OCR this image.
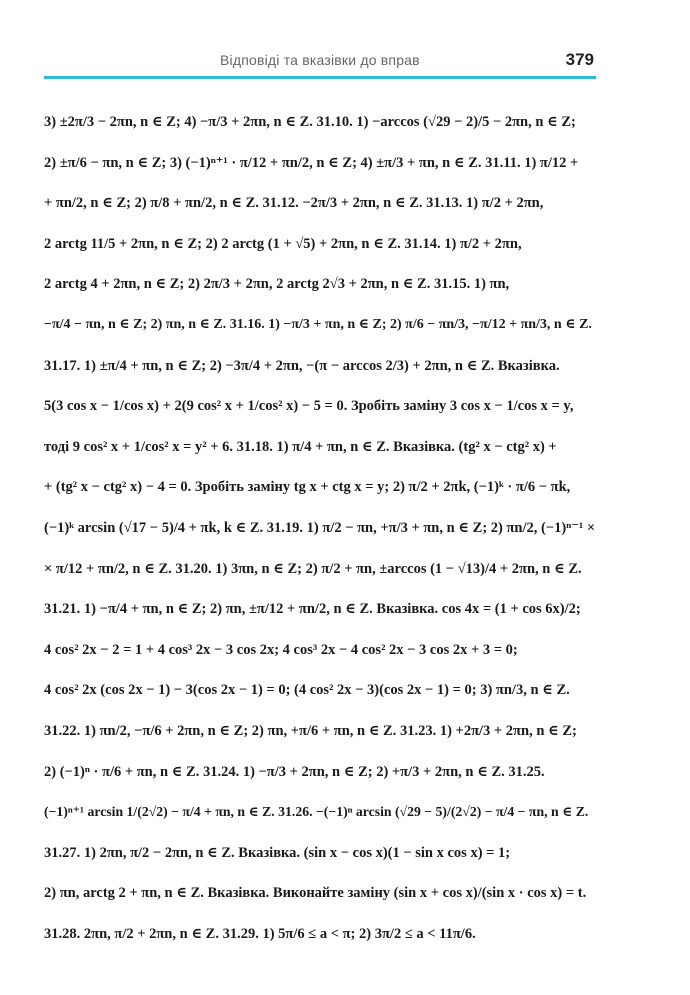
Відповіді та вказівки до вправ	379
3) ±2π/3 − 2πn, n ∈ Z; 4) −π/3 + 2πn, n ∈ Z. 31.10. 1) −arccos (√29 − 2)/5 − 2πn, n ∈ Z;
2) ±π/6 − πn, n ∈ Z; 3) (−1)ⁿ⁺¹ · π/12 + πn/2, n ∈ Z; 4) ±π/3 + πn, n ∈ Z. 31.11. 1) π/12 +
+ πn/2, n ∈ Z; 2) π/8 + πn/2, n ∈ Z. 31.12. −2π/3 + 2πn, n ∈ Z. 31.13. 1) π/2 + 2πn,
2 arctg 11/5 + 2πn, n ∈ Z; 2) 2 arctg (1 + √5) + 2πn, n ∈ Z. 31.14. 1) π/2 + 2πn,
2 arctg 4 + 2πn, n ∈ Z; 2) 2π/3 + 2πn, 2 arctg 2√3 + 2πn, n ∈ Z. 31.15. 1) πn,
−π/4 − πn, n ∈ Z; 2) πn, n ∈ Z. 31.16. 1) −π/3 + πn, n ∈ Z; 2) π/6 − πn/3, −π/12 + πn/3, n ∈ Z.
31.17. 1) ±π/4 + πn, n ∈ Z; 2) −3π/4 + 2πn, −(π − arccos 2/3) + 2πn, n ∈ Z. Вказівка.
5(3 cos x − 1/cos x) + 2(9 cos² x + 1/cos² x) − 5 = 0. Зробіть заміну 3 cos x − 1/cos x = y,
тоді 9 cos² x + 1/cos² x = y² + 6. 31.18. 1) π/4 + πn, n ∈ Z. Вказівка. (tg² x − ctg² x) +
+ (tg² x − ctg² x) − 4 = 0. Зробіть заміну tg x + ctg x = y; 2) π/2 + 2πk, (−1)ᵏ · π/6 − πk,
(−1)ᵏ arcsin (√17 − 5)/4 + πk, k ∈ Z. 31.19. 1) π/2 − πn, +π/3 + πn, n ∈ Z; 2) πn/2, (−1)ⁿ⁻¹ ×
× π/12 + πn/2, n ∈ Z. 31.20. 1) 3πn, n ∈ Z; 2) π/2 + πn, ±arccos (1 − √13)/4 + 2πn, n ∈ Z.
31.21. 1) −π/4 + πn, n ∈ Z; 2) πn, ±π/12 + πn/2, n ∈ Z. Вказівка. cos 4x = (1 + cos 6x)/2;
4 cos² 2x − 2 = 1 + 4 cos³ 2x − 3 cos 2x; 4 cos³ 2x − 4 cos² 2x − 3 cos 2x + 3 = 0;
4 cos² 2x (cos 2x − 1) − 3(cos 2x − 1) = 0; (4 cos² 2x − 3)(cos 2x − 1) = 0; 3) πn/3, n ∈ Z.
31.22. 1) πn/2, −π/6 + 2πn, n ∈ Z; 2) πn, +π/6 + πn, n ∈ Z. 31.23. 1) +2π/3 + 2πn, n ∈ Z;
2) (−1)ⁿ · π/6 + πn, n ∈ Z. 31.24. 1) −π/3 + 2πn, n ∈ Z; 2) +π/3 + 2πn, n ∈ Z. 31.25.
(−1)ⁿ⁺¹ arcsin 1/(2√2) − π/4 + πn, n ∈ Z. 31.26. −(−1)ⁿ arcsin (√29 − 5)/(2√2) − π/4 − πn, n ∈ Z.
31.27. 1) 2πn, π/2 − 2πn, n ∈ Z. Вказівка. (sin x − cos x)(1 − sin x cos x) = 1;
2) πn, arctg 2 + πn, n ∈ Z. Вказівка. Виконайте заміну (sin x + cos x)/(sin x · cos x) = t.
31.28. 2πn, π/2 + 2πn, n ∈ Z. 31.29. 1) 5π/6 ≤ a < π; 2) 3π/2 ≤ a < 11π/6.
